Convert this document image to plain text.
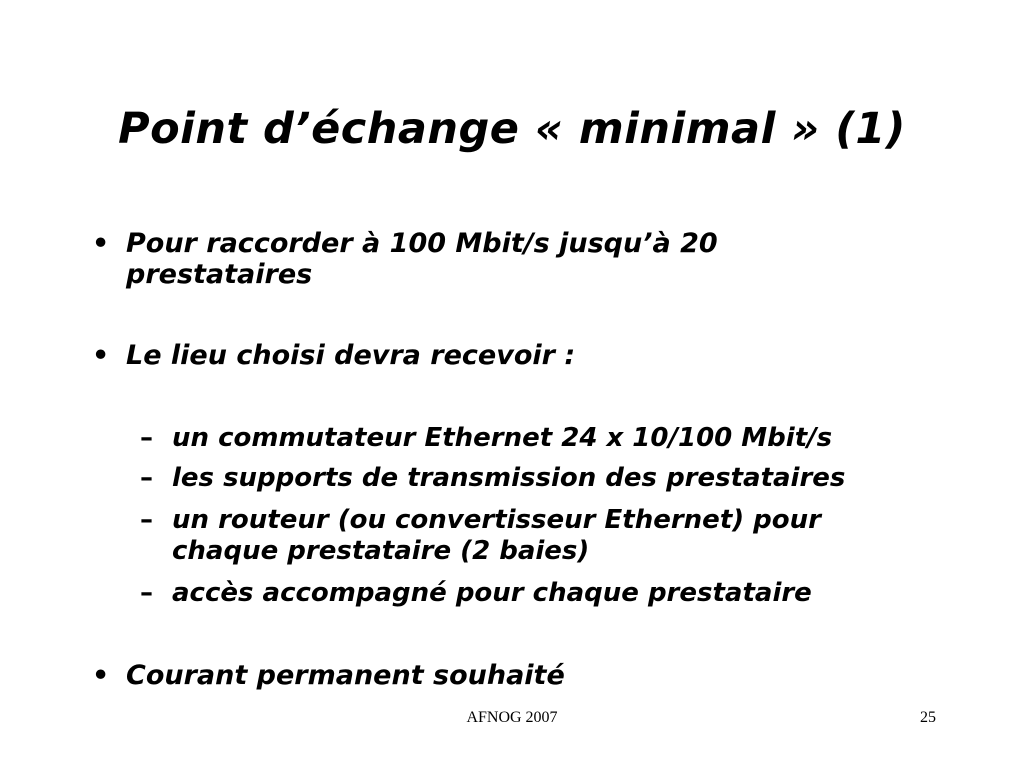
Point d’échange « minimal » (1)
• Pour raccorder à 100 Mbit/s jusqu’à 20 prestataires
• Le lieu choisi devra recevoir :
– un commutateur Ethernet 24 x 10/100 Mbit/s
– les supports de transmission des prestataires
– un routeur (ou convertisseur Ethernet) pour chaque prestataire (2 baies)
– accès accompagné pour chaque prestataire
• Courant permanent souhaité
AFNOG 2007	25
